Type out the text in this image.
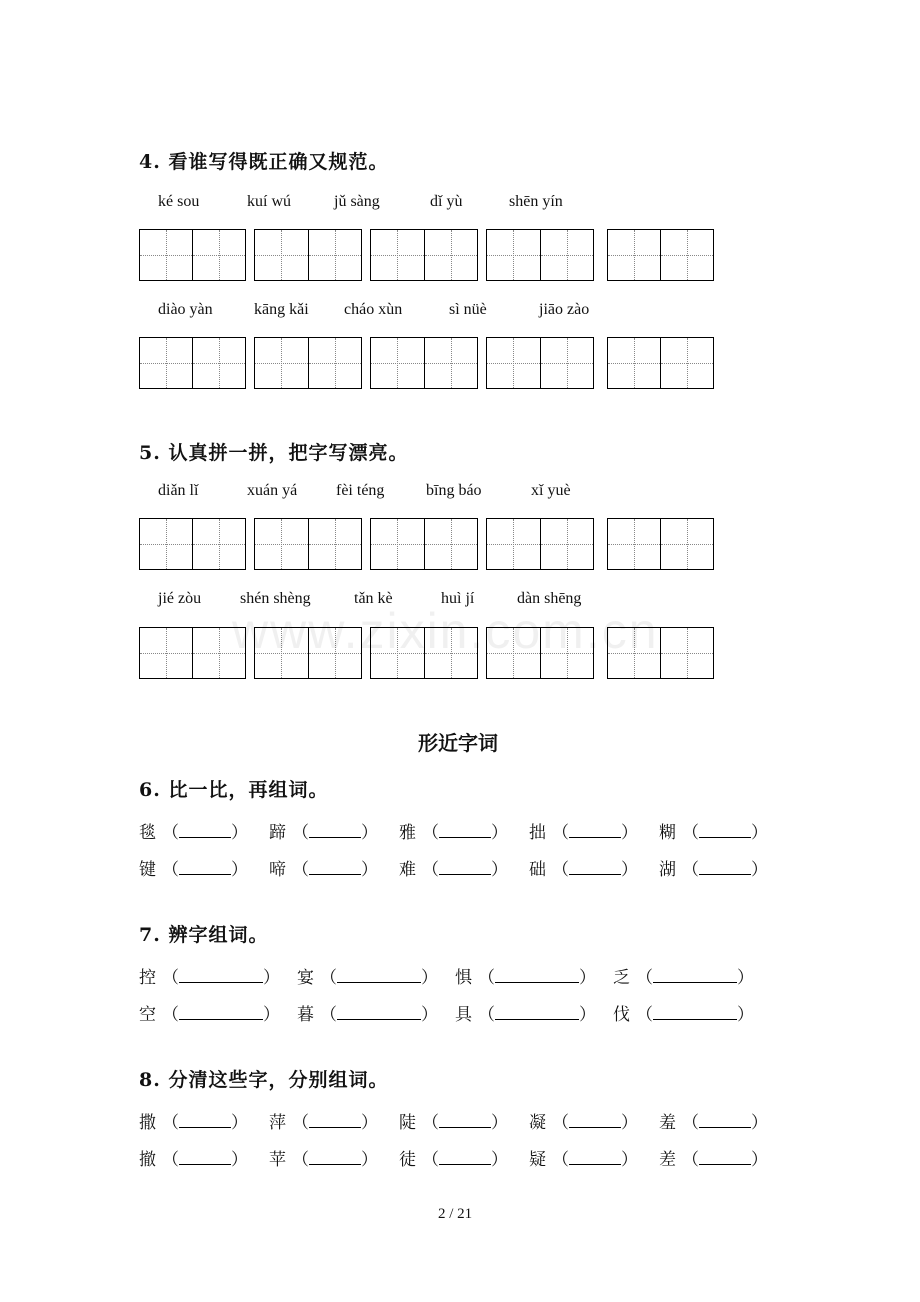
4. 看谁写得既正确又规范。
ké sou	kuí wú	jǔ sàng	dǐ yù	shēn yín
diào yàn	kāng kǎi cháo xùn	sì nüè	jiāo zào
5. 认真拼一拼，把字写漂亮。
diǎn lǐ	xuán yá fèi téng	bīng báo	xǐ yuè
jié zòu shén shèng	tǎn kè	huì jí	dàn shēng
www.zixin.com.cn
形近字词
6. 比一比，再组词。
毯 （	） 蹄 （	） 雅 （	） 拙 （	） 糊 （	）
键 （	） 啼 （	） 难 （	） 础 （	） 湖 （	）
7. 辨字组词。
控 （	） 宴 （	） 惧 （	） 乏 （	）
空 （	） 暮 （	） 具 （	） 伐 （	）
8. 分清这些字，分别组词。
撒 （	） 萍 （	） 陡 （	） 凝 （	） 羞 （	）
撤 （	） 苹 （	） 徒 （	） 疑 （	） 差 （	）
2 / 21
